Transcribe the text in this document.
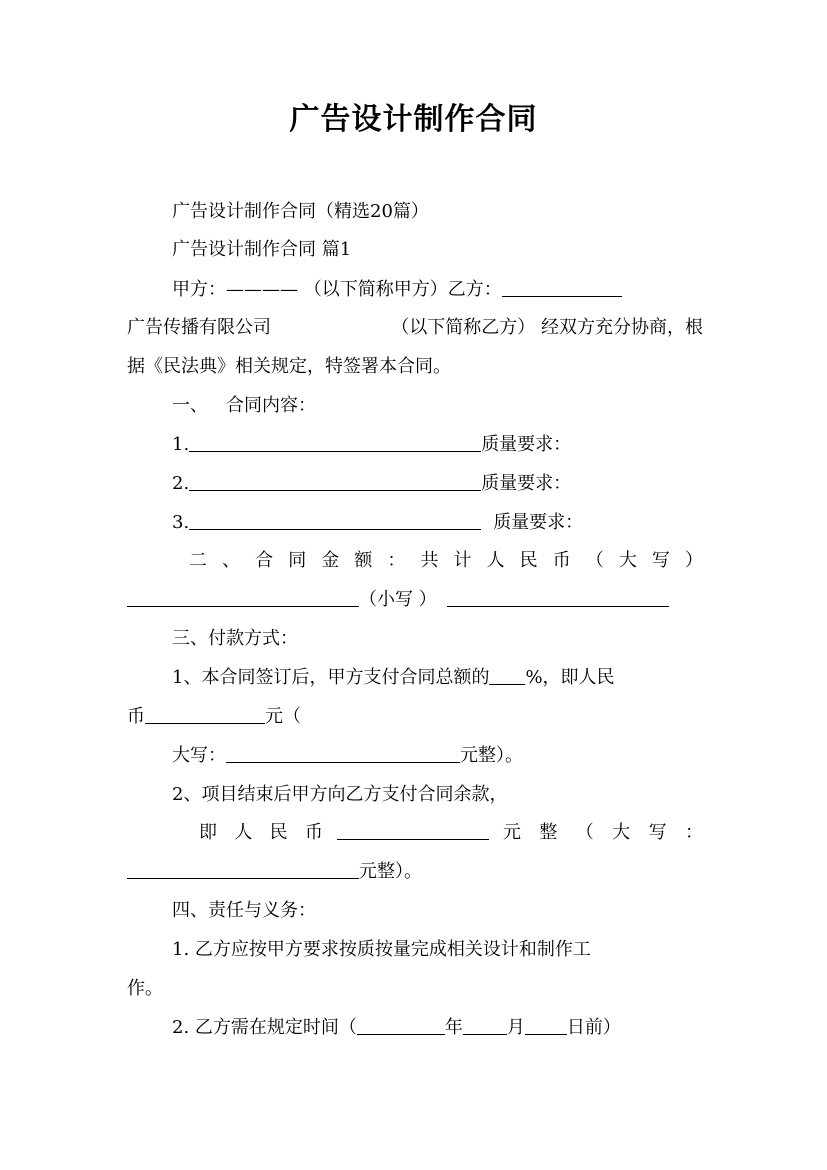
广告设计制作合同
广告设计制作合同（精选20篇）
广告设计制作合同 篇1
甲方：———— （以下简称甲方）乙方：
广告传播有限公司	（以下简称乙方） 经双方充分协商，根
据《民法典》相关规定，特签署本合同。
一、 合同内容：
1.	质量要求：
2.	质量要求：
3.	质量要求：
二 、 合 同 金 额 ： 共 计 人 民 币 （ 大 写 ）
（小写 ）
三、付款方式：
1、本合同签订后，甲方支付合同总额的 %，即人民
币	元（
大写：	元整）。
2、项目结束后甲方向乙方支付合同余款，
即 人 民 币	元 整 （ 大 写 ：
元整）。
四、责任与义务：
1. 乙方应按甲方要求按质按量完成相关设计和制作工
作。
2. 乙方需在规定时间（	年 月 日前）
